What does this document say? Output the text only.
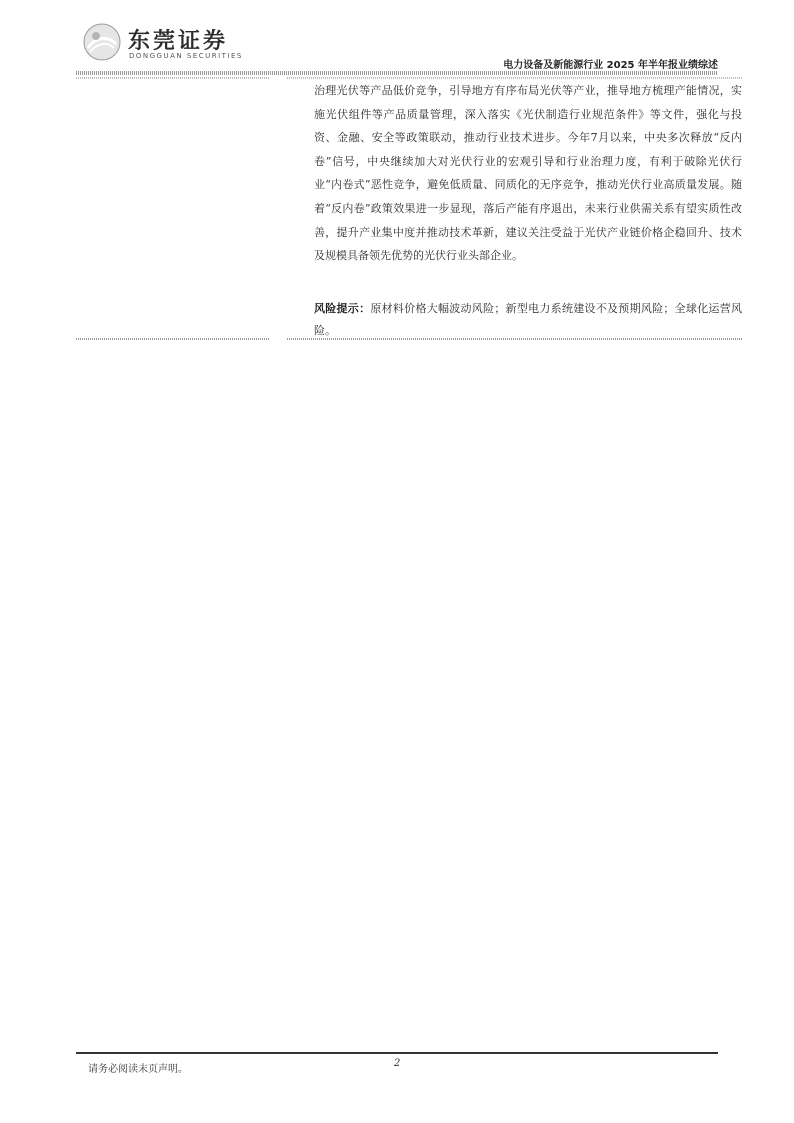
东莞证券
DONGGUAN SECURITIES
电力设备及新能源行业 2025 年半年报业绩综述

治理光伏等产品低价竞争，引导地方有序布局光伏等产业，推导地方梳理产能情况，实施光伏组件等产品质量管理，深入落实《光伏制造行业规范条件》等文件，强化与投资、金融、安全等政策联动，推动行业技术进步。今年7月以来，中央多次释放“反内卷”信号，中央继续加大对光伏行业的宏观引导和行业治理力度，有利于破除光伏行业“内卷式”恶性竞争，避免低质量、同质化的无序竞争，推动光伏行业高质量发展。随着“反内卷”政策效果进一步显现，落后产能有序退出，未来行业供需关系有望实质性改善，提升产业集中度并推动技术革新，建议关注受益于光伏产业链价格企稳回升、技术及规模具备领先优势的光伏行业头部企业。

风险提示：原材料价格大幅波动风险；新型电力系统建设不及预期风险；全球化运营风险。

请务必阅读末页声明。
2
